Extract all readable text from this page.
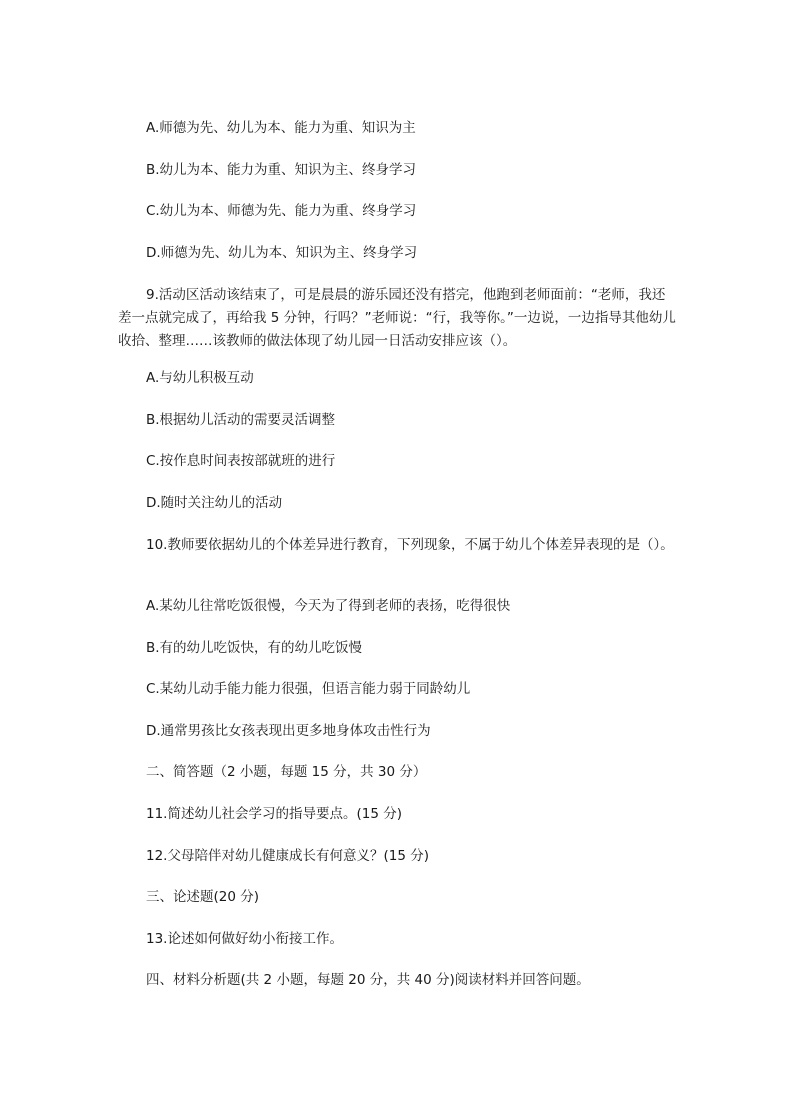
A.师德为先、幼儿为本、能力为重、知识为主
B.幼儿为本、能力为重、知识为主、终身学习
C.幼儿为本、师德为先、能力为重、终身学习
D.师德为先、幼儿为本、知识为主、终身学习
9.活动区活动该结束了，可是晨晨的游乐园还没有搭完，他跑到老师面前：“老师，我还差一点就完成了，再给我 5 分钟，行吗？”老师说：“行，我等你。”一边说，一边指导其他幼儿收拾、整理……该教师的做法体现了幼儿园一日活动安排应该（）。
A.与幼儿积极互动
B.根据幼儿活动的需要灵活调整
C.按作息时间表按部就班的进行
D.随时关注幼儿的活动
10.教师要依据幼儿的个体差异进行教育，下列现象，不属于幼儿个体差异表现的是（）。
A.某幼儿往常吃饭很慢，今天为了得到老师的表扬，吃得很快
B.有的幼儿吃饭快，有的幼儿吃饭慢
C.某幼儿动手能力能力很强，但语言能力弱于同龄幼儿
D.通常男孩比女孩表现出更多地身体攻击性行为
二、简答题（2 小题，每题 15 分，共 30 分）
11.简述幼儿社会学习的指导要点。(15 分)
12.父母陪伴对幼儿健康成长有何意义？(15 分)
三、论述题(20 分)
13.论述如何做好幼小衔接工作。
四、材料分析题(共 2 小题，每题 20 分，共 40 分)阅读材料并回答问题。
